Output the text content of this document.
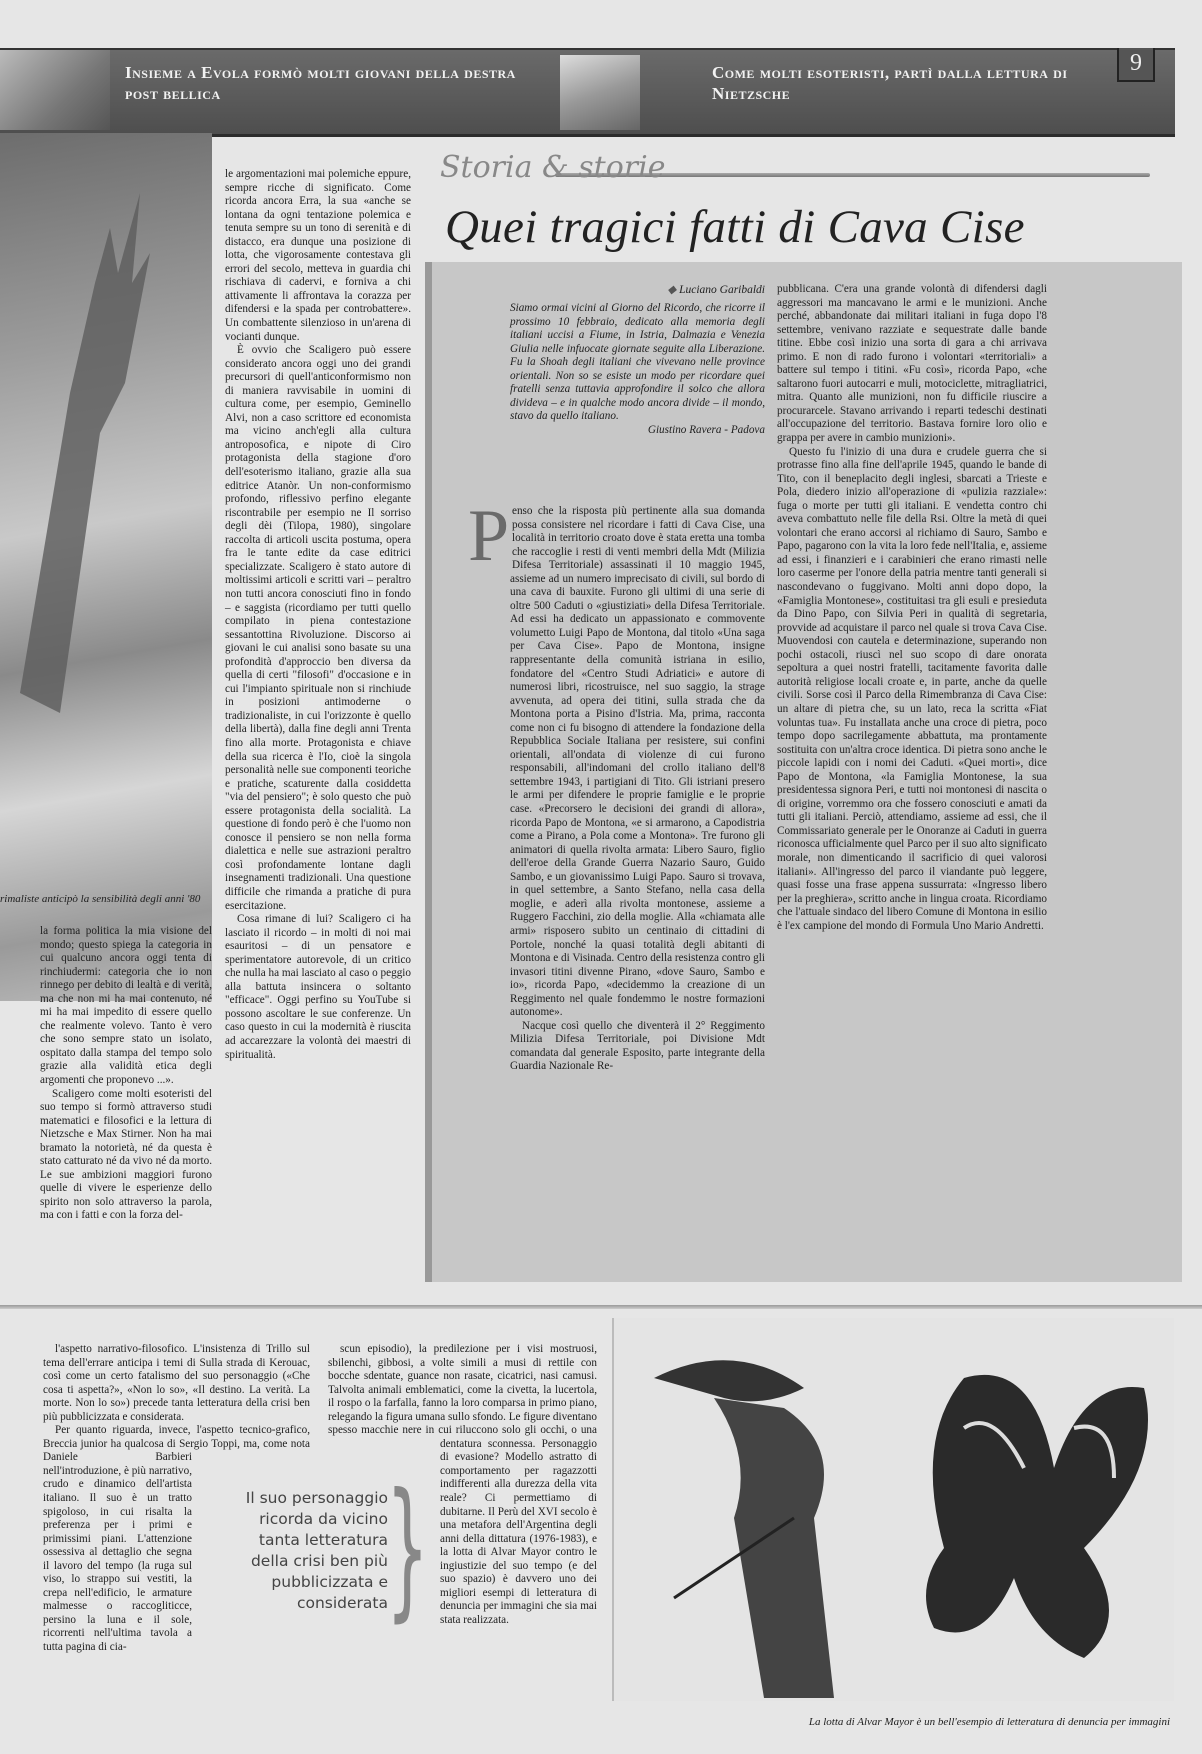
Insieme a Evola formò molti giovani della destra post bellica
Come molti esoteristi, partì dalla lettura di Nietzsche
9
rimaliste anticipò la sensibilità degli anni '80

la forma politica la mia visione del mondo; questo spiega la categoria in cui qualcuno ancora oggi tenta di rinchiudermi: categoria che io non rinnego per debito di lealtà e di verità, ma che non mi ha mai contenuto, né mi ha mai impedito di essere quello che realmente volevo. Tanto è vero che sono sempre stato un isolato, ospitato dalla stampa del tempo solo grazie alla validità etica degli argomenti che proponevo ...».

Scaligero come molti esoteristi del suo tempo si formò attraverso studi matematici e filosofici e la lettura di Nietzsche e Max Stirner. Non ha mai bramato la notorietà, né da questa è stato catturato né da vivo né da morto. Le sue ambizioni maggiori furono quelle di vivere le esperienze dello spirito non solo attraverso la parola, ma con i fatti e con la forza del-

le argomentazioni mai polemiche eppure, sempre ricche di significato. Come ricorda ancora Erra, la sua «anche se lontana da ogni tentazione polemica e tenuta sempre su un tono di serenità e di distacco, era dunque una posizione di lotta, che vigorosamente contestava gli errori del secolo, metteva in guardia chi rischiava di cadervi, e forniva a chi attivamente li affrontava la corazza per difendersi e la spada per controbattere». Un combattente silenzioso in un'arena di vocianti dunque.

È ovvio che Scaligero può essere considerato ancora oggi uno dei grandi precursori di quell'anticonformismo non di maniera ravvisabile in uomini di cultura come, per esempio, Geminello Alvi, non a caso scrittore ed economista ma vicino anch'egli alla cultura antroposofica, e nipote di Ciro protagonista della stagione d'oro dell'esoterismo italiano, grazie alla sua editrice Atanòr. Un non-conformismo profondo, riflessivo perfino elegante riscontrabile per esempio ne Il sorriso degli dèi (Tilopa, 1980), singolare raccolta di articoli uscita postuma, opera fra le tante edite da case editrici specializzate. Scaligero è stato autore di moltissimi articoli e scritti vari – peraltro non tutti ancora conosciuti fino in fondo – e saggista (ricordiamo per tutti quello compilato in piena contestazione sessantottina Rivoluzione. Discorso ai giovani le cui analisi sono basate su una profondità d'approccio ben diversa da quella di certi "filosofi" d'occasione e in cui l'impianto spirituale non si rinchiude in posizioni antimoderne o tradizionaliste, in cui l'orizzonte è quello della libertà), dalla fine degli anni Trenta fino alla morte. Protagonista e chiave della sua ricerca è l'Io, cioè la singola personalità nelle sue componenti teoriche e pratiche, scaturente dalla cosiddetta "via del pensiero"; è solo questo che può essere protagonista della socialità. La questione di fondo però è che l'uomo non conosce il pensiero se non nella forma dialettica e nelle sue astrazioni peraltro così profondamente lontane dagli insegnamenti tradizionali. Una questione difficile che rimanda a pratiche di pura esercitazione.

Cosa rimane di lui? Scaligero ci ha lasciato il ricordo – in molti di noi mai esauritosi – di un pensatore e sperimentatore autorevole, di un critico che nulla ha mai lasciato al caso o peggio alla battuta insincera o soltanto "efficace". Oggi perfino su YouTube si possono ascoltare le sue conferenze. Un caso questo in cui la modernità è riuscita ad accarezzare la volontà dei maestri di spiritualità.

Storia & storie
Quei tragici fatti di Cava Cise
◆ Luciano Garibaldi

Siamo ormai vicini al Giorno del Ricordo, che ricorre il prossimo 10 febbraio, dedicato alla memoria degli italiani uccisi a Fiume, in Istria, Dalmazia e Venezia Giulia nelle infuocate giornate seguite alla Liberazione. Fu la Shoah degli italiani che vivevano nelle province orientali. Non so se esiste un modo per ricordare quei fratelli senza tuttavia approfondire il solco che allora divideva – e in qualche modo ancora divide – il mondo, stavo da quello italiano.

Giustino Ravera - Padova

Penso che la risposta più pertinente alla sua domanda possa consistere nel ricordare i fatti di Cava Cise, una località in territorio croato dove è stata eretta una tomba che raccoglie i resti di venti membri della Mdt (Milizia Difesa Territoriale) assassinati il 10 maggio 1945, assieme ad un numero imprecisato di civili, sul bordo di una cava di bauxite. Furono gli ultimi di una serie di oltre 500 Caduti o «giustiziati» della Difesa Territoriale. Ad essi ha dedicato un appassionato e commovente volumetto Luigi Papo de Montona, dal titolo «Una saga per Cava Cise». Papo de Montona, insigne rappresentante della comunità istriana in esilio, fondatore del «Centro Studi Adriatici» e autore di numerosi libri, ricostruisce, nel suo saggio, la strage avvenuta, ad opera dei titini, sulla strada che da Montona porta a Pisino d'Istria. Ma, prima, racconta come non ci fu bisogno di attendere la fondazione della Repubblica Sociale Italiana per resistere, sui confini orientali, all'ondata di violenze di cui furono responsabili, all'indomani del crollo italiano dell'8 settembre 1943, i partigiani di Tito. Gli istriani presero le armi per difendere le proprie famiglie e le proprie case. «Precorsero le decisioni dei grandi di allora», ricorda Papo de Montona, «e si armarono, a Capodistria come a Pirano, a Pola come a Montona». Tre furono gli animatori di quella rivolta armata: Libero Sauro, figlio dell'eroe della Grande Guerra Nazario Sauro, Guido Sambo, e un giovanissimo Luigi Papo. Sauro si trovava, in quel settembre, a Santo Stefano, nella casa della moglie, e aderì alla rivolta montonese, assieme a Ruggero Facchini, zio della moglie. Alla «chiamata alle armi» risposero subito un centinaio di cittadini di Portole, nonché la quasi totalità degli abitanti di Montona e di Visinada. Centro della resistenza contro gli invasori titini divenne Pirano, «dove Sauro, Sambo e io», ricorda Papo, «decidemmo la creazione di un Reggimento nel quale fondemmo le nostre formazioni autonome».

Nacque così quello che diventerà il 2° Reggimento Milizia Difesa Territoriale, poi Divisione Mdt comandata dal generale Esposito, parte integrante della Guardia Nazionale Re-

pubblicana. C'era una grande volontà di difendersi dagli aggressori ma mancavano le armi e le munizioni. Anche perché, abbandonate dai militari italiani in fuga dopo l'8 settembre, venivano razziate e sequestrate dalle bande titine. Ebbe così inizio una sorta di gara a chi arrivava primo. E non di rado furono i volontari «territoriali» a battere sul tempo i titini. «Fu così», ricorda Papo, «che saltarono fuori autocarri e muli, motociclette, mitragliatrici, mitra. Quanto alle munizioni, non fu difficile riuscire a procurarcele. Stavano arrivando i reparti tedeschi destinati all'occupazione del territorio. Bastava fornire loro olio e grappa per avere in cambio munizioni».

Questo fu l'inizio di una dura e crudele guerra che si protrasse fino alla fine dell'aprile 1945, quando le bande di Tito, con il beneplacito degli inglesi, sbarcati a Trieste e Pola, diedero inizio all'operazione di «pulizia razziale»: fuga o morte per tutti gli italiani. E vendetta contro chi aveva combattuto nelle file della Rsi. Oltre la metà di quei volontari che erano accorsi al richiamo di Sauro, Sambo e Papo, pagarono con la vita la loro fede nell'Italia, e, assieme ad essi, i finanzieri e i carabinieri che erano rimasti nelle loro caserme per l'onore della patria mentre tanti generali si nascondevano o fuggivano. Molti anni dopo dopo, la «Famiglia Montonese», costituitasi tra gli esuli e presieduta da Dino Papo, con Silvia Peri in qualità di segretaria, provvide ad acquistare il parco nel quale si trova Cava Cise. Muovendosi con cautela e determinazione, superando non pochi ostacoli, riuscì nel suo scopo di dare onorata sepoltura a quei nostri fratelli, tacitamente favorita dalle autorità religiose locali croate e, in parte, anche da quelle civili. Sorse così il Parco della Rimembranza di Cava Cise: un altare di pietra che, su un lato, reca la scritta «Fiat voluntas tua». Fu installata anche una croce di pietra, poco tempo dopo sacrilegamente abbattuta, ma prontamente sostituita con un'altra croce identica. Di pietra sono anche le piccole lapidi con i nomi dei Caduti. «Quei morti», dice Papo de Montona, «la Famiglia Montonese, la sua presidentessa signora Peri, e tutti noi montonesi di nascita o di origine, vorremmo ora che fossero conosciuti e amati da tutti gli italiani. Perciò, attendiamo, assieme ad essi, che il Commissariato generale per le Onoranze ai Caduti in guerra riconosca ufficialmente quel Parco per il suo alto significato morale, non dimenticando il sacrificio di quei valorosi italiani». All'ingresso del parco il viandante può leggere, quasi fosse una frase appena sussurrata: «Ingresso libero per la preghiera», scritto anche in lingua croata. Ricordiamo che l'attuale sindaco del libero Comune di Montona in esilio è l'ex campione del mondo di Formula Uno Mario Andretti.

l'aspetto narrativo-filosofico. L'insistenza di Trillo sul tema dell'errare anticipa i temi di Sulla strada di Kerouac, così come un certo fatalismo del suo personaggio («Che cosa ti aspetta?», «Non lo so», «Il destino. La verità. La morte. Non lo so») precede tanta letteratura della crisi ben più pubblicizzata e considerata.

Per quanto riguarda, invece, l'aspetto tecnico-grafico, Breccia junior ha qualcosa di Sergio Toppi, ma, come nota Daniele Barbieri nell'introduzione, è più narrativo, crudo e dinamico dell'artista italiano. Il suo è un tratto spigoloso, in cui risalta la preferenza per i primi e primissimi piani. L'attenzione ossessiva al dettaglio che segna il lavoro del tempo (la ruga sul viso, lo strappo sui vestiti, la crepa nell'edificio, le armature malmesse o raccogliticce, persino la luna e il sole, ricorrenti nell'ultima tavola a tutta pagina di cia-

scun episodio), la predilezione per i visi mostruosi, sbilenchi, gibbosi, a volte simili a musi di rettile con bocche sdentate, guance non rasate, cicatrici, nasi camusi. Talvolta animali emblematici, come la civetta, la lucertola, il rospo o la farfalla, fanno la loro comparsa in primo piano, relegando la figura umana sullo sfondo. Le figure diventano spesso macchie nere in cui riluccono solo gli occhi, o una dentatura sconnessa. Personaggio di evasione? Modello astratto di comportamento per ragazzotti indifferenti alla durezza della vita reale? Ci permettiamo di dubitarne. Il Perù del XVI secolo è una metafora dell'Argentina degli anni della dittatura (1976-1983), e la lotta di Alvar Mayor contro le ingiustizie del suo tempo (e del suo spazio) è davvero uno dei migliori esempi di letteratura di denuncia per immagini che sia mai stata realizzata.

Il suo personaggio ricorda da vicino tanta letteratura della crisi ben più pubblicizzata e considerata
}
La lotta di Alvar Mayor è un bell'esempio di letteratura di denuncia per immagini
